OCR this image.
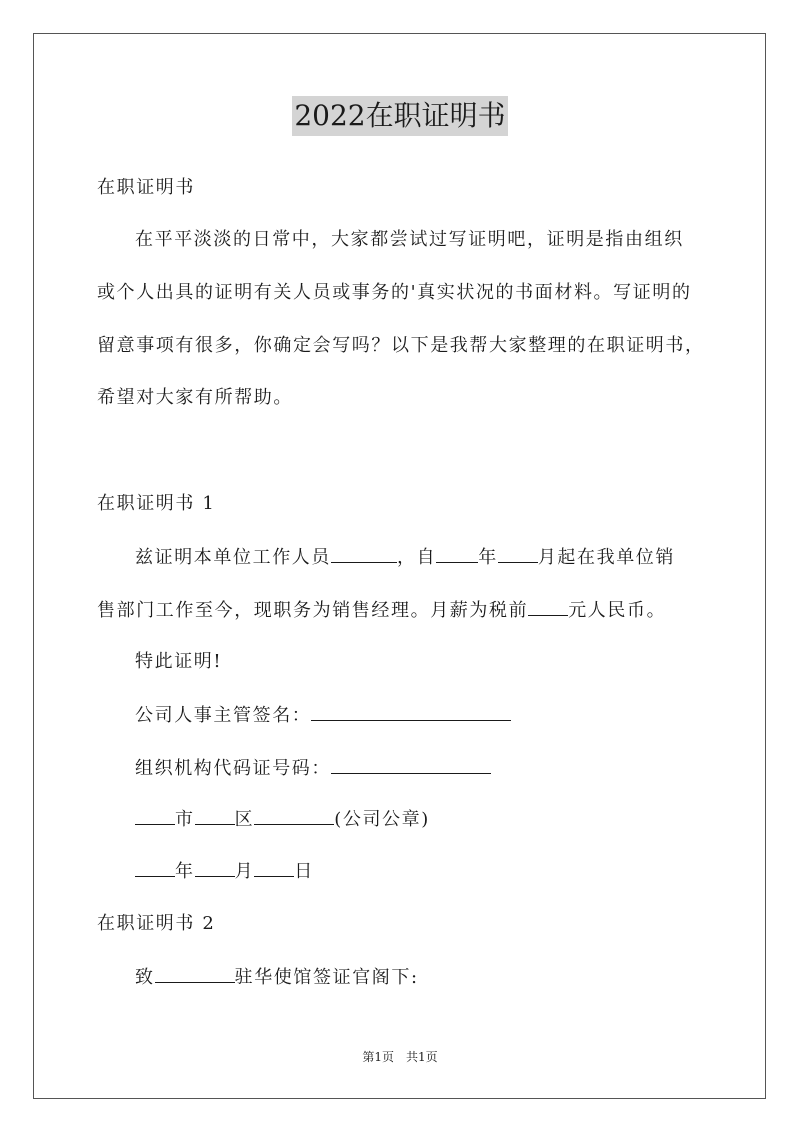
2022在职证明书
在职证明书
在平平淡淡的日常中，大家都尝试过写证明吧，证明是指由组织
或个人出具的证明有关人员或事务的'真实状况的书面材料。写证明的
留意事项有很多，你确定会写吗？以下是我帮大家整理的在职证明书，
希望对大家有所帮助。
在职证明书 1
兹证明本单位工作人员	，自 年 月起在我单位销
售部门工作至今，现职务为销售经理。月薪为税前 元人民币。
特此证明!
公司人事主管签名：
组织机构代码证号码：
市 区	(公司公章)
年 月 日
在职证明书 2
致	驻华使馆签证官阁下:
第1页　共1页
